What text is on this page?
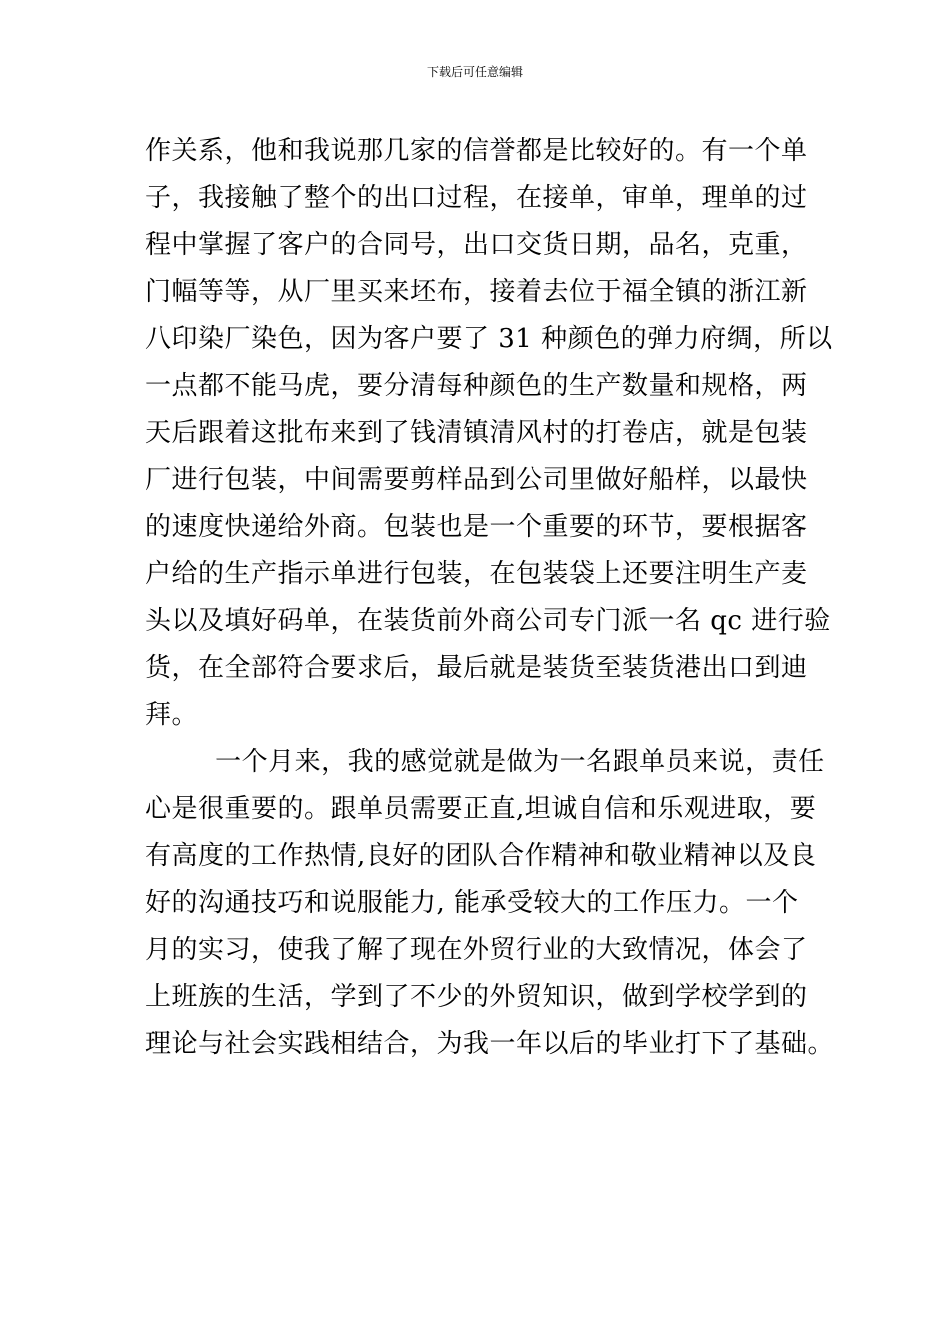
下载后可任意编辑
作关系，他和我说那几家的信誉都是比较好的。有一个单
子，我接触了整个的出口过程，在接单，审单，理单的过
程中掌握了客户的合同号，出口交货日期，品名，克重，
门幅等等，从厂里买来坯布，接着去位于福全镇的浙江新
八印染厂染色，因为客户要了 31 种颜色的弹力府绸，所以
一点都不能马虎，要分清每种颜色的生产数量和规格，两
天后跟着这批布来到了钱清镇清风村的打卷店，就是包装
厂进行包装，中间需要剪样品到公司里做好船样，以最快
的速度快递给外商。包装也是一个重要的环节，要根据客
户给的生产指示单进行包装，在包装袋上还要注明生产麦
头以及填好码单，在装货前外商公司专门派一名 qc 进行验
货，在全部符合要求后，最后就是装货至装货港出口到迪
拜。
一个月来，我的感觉就是做为一名跟单员来说，责任
心是很重要的。跟单员需要正直,坦诚自信和乐观进取，要
有高度的工作热情,良好的团队合作精神和敬业精神以及良
好的沟通技巧和说服能力, 能承受较大的工作压力。一个
月的实习，使我了解了现在外贸行业的大致情况，体会了
上班族的生活，学到了不少的外贸知识，做到学校学到的
理论与社会实践相结合，为我一年以后的毕业打下了基础。
